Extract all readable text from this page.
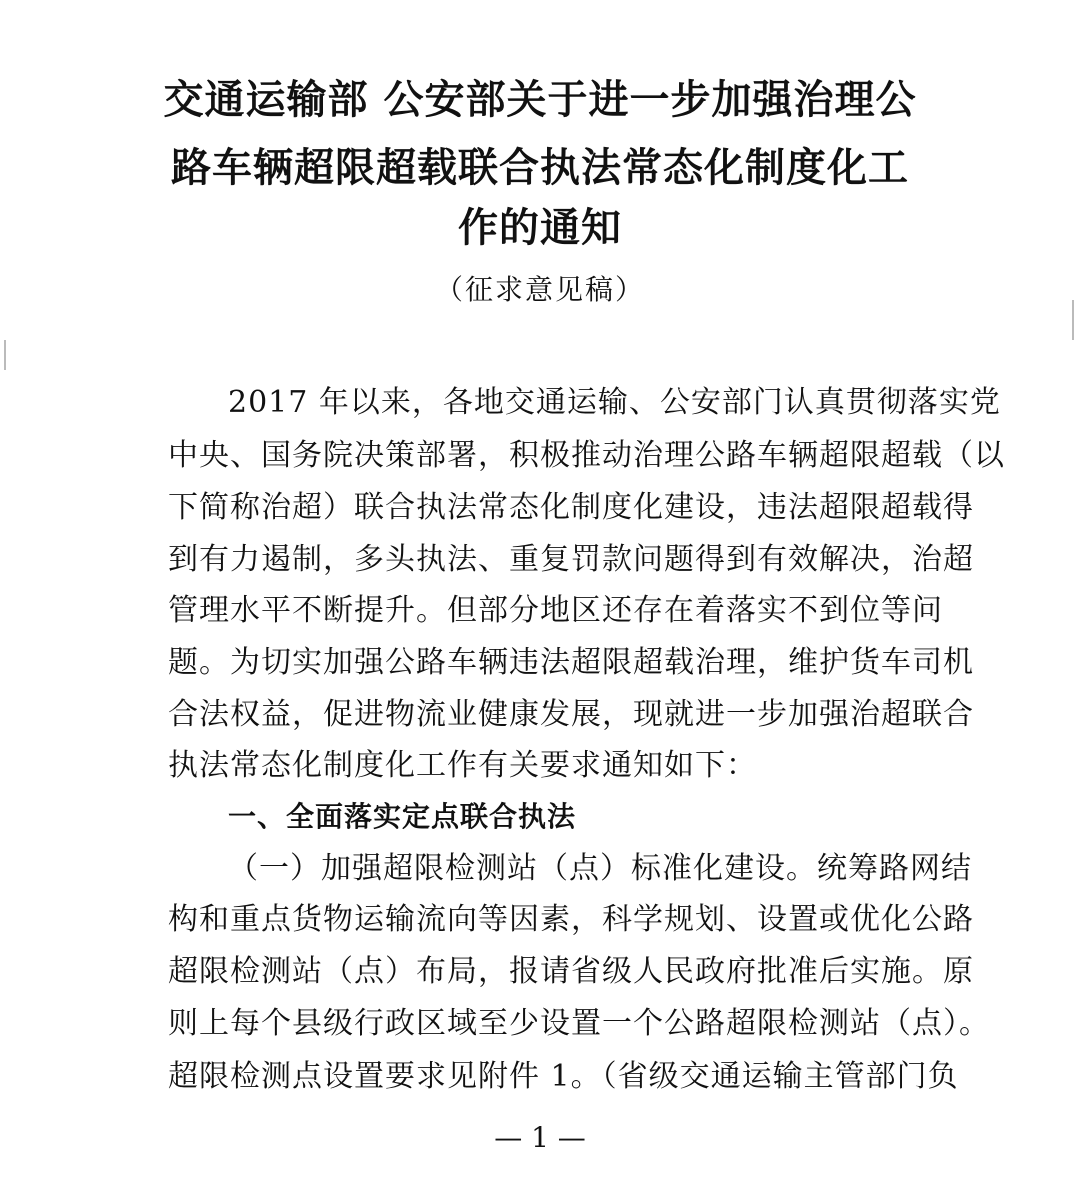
交通运输部 公安部关于进一步加强治理公
路车辆超限超载联合执法常态化制度化工
作的通知
（征求意见稿）
2017 年以来，各地交通运输、公安部门认真贯彻落实党
中央、国务院决策部署，积极推动治理公路车辆超限超载（以
下简称治超）联合执法常态化制度化建设，违法超限超载得
到有力遏制，多头执法、重复罚款问题得到有效解决，治超
管理水平不断提升。但部分地区还存在着落实不到位等问
题。为切实加强公路车辆违法超限超载治理，维护货车司机
合法权益，促进物流业健康发展，现就进一步加强治超联合
执法常态化制度化工作有关要求通知如下：
一、全面落实定点联合执法
（一）加强超限检测站（点）标准化建设。统筹路网结
构和重点货物运输流向等因素，科学规划、设置或优化公路
超限检测站（点）布局，报请省级人民政府批准后实施。原
则上每个县级行政区域至少设置一个公路超限检测站（点）。
超限检测点设置要求见附件 1。（省级交通运输主管部门负
— 1 —
